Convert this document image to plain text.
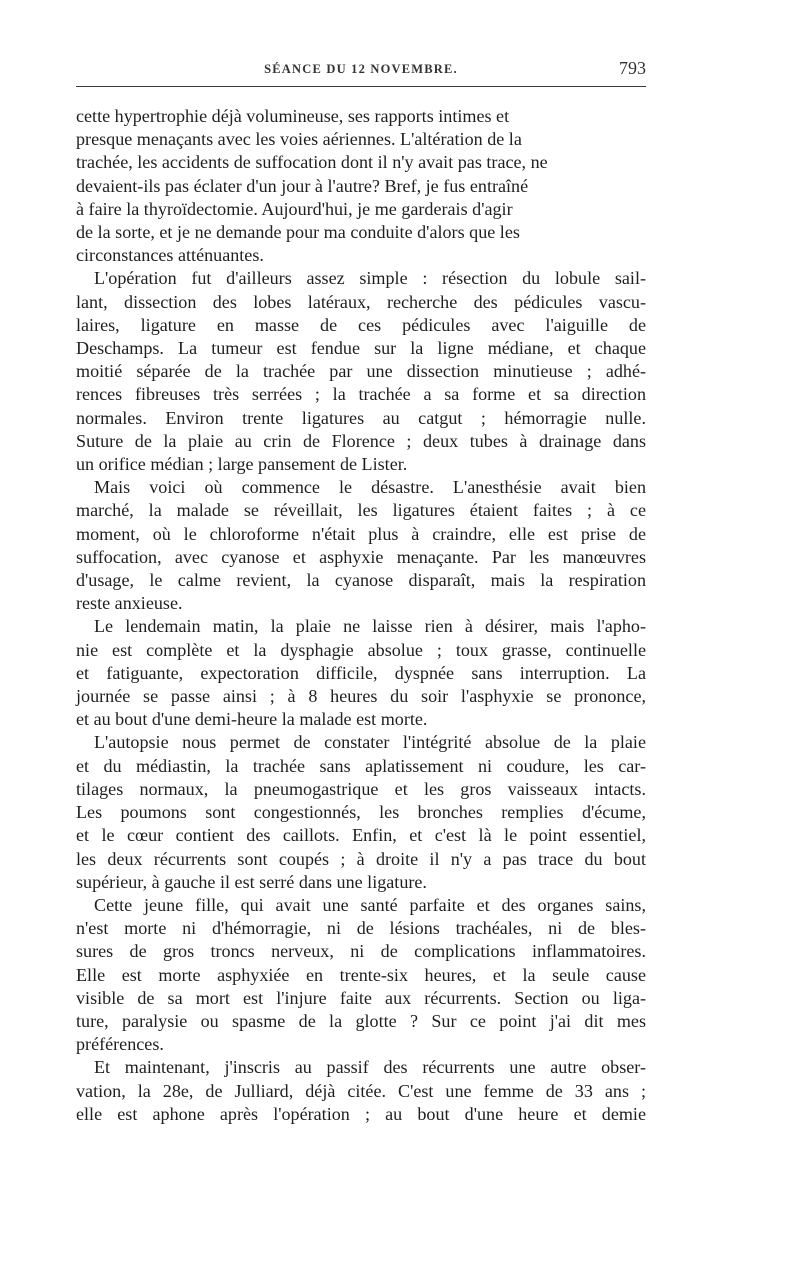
SÉANCE DU 12 NOVEMBRE.	793

cette hypertrophie déjà volumineuse, ses rapports intimes et
presque menaçants avec les voies aériennes. L'altération de la
trachée, les accidents de suffocation dont il n'y avait pas trace, ne
devaient-ils pas éclater d'un jour à l'autre? Bref, je fus entraîné
à faire la thyroïdectomie. Aujourd'hui, je me garderais d'agir
de la sorte, et je ne demande pour ma conduite d'alors que les
circonstances atténuantes.

L'opération fut d'ailleurs assez simple : résection du lobule sail-
lant, dissection des lobes latéraux, recherche des pédicules vascu-
laires, ligature en masse de ces pédicules avec l'aiguille de
Deschamps. La tumeur est fendue sur la ligne médiane, et chaque
moitié séparée de la trachée par une dissection minutieuse ; adhé-
rences fibreuses très serrées ; la trachée a sa forme et sa direction
normales. Environ trente ligatures au catgut ; hémorragie nulle.
Suture de la plaie au crin de Florence ; deux tubes à drainage dans
un orifice médian ; large pansement de Lister.

Mais voici où commence le désastre. L'anesthésie avait bien
marché, la malade se réveillait, les ligatures étaient faites ; à ce
moment, où le chloroforme n'était plus à craindre, elle est prise de
suffocation, avec cyanose et asphyxie menaçante. Par les manœuvres
d'usage, le calme revient, la cyanose disparaît, mais la respiration
reste anxieuse.

Le lendemain matin, la plaie ne laisse rien à désirer, mais l'apho-
nie est complète et la dysphagie absolue ; toux grasse, continuelle
et fatiguante, expectoration difficile, dyspnée sans interruption. La
journée se passe ainsi ; à 8 heures du soir l'asphyxie se prononce,
et au bout d'une demi-heure la malade est morte.

L'autopsie nous permet de constater l'intégrité absolue de la plaie
et du médiastin, la trachée sans aplatissement ni coudure, les car-
tilages normaux, la pneumogastrique et les gros vaisseaux intacts.
Les poumons sont congestionnés, les bronches remplies d'écume,
et le cœur contient des caillots. Enfin, et c'est là le point essentiel,
les deux récurrents sont coupés ; à droite il n'y a pas trace du bout
supérieur, à gauche il est serré dans une ligature.

Cette jeune fille, qui avait une santé parfaite et des organes sains,
n'est morte ni d'hémorragie, ni de lésions trachéales, ni de bles-
sures de gros troncs nerveux, ni de complications inflammatoires.
Elle est morte asphyxiée en trente-six heures, et la seule cause
visible de sa mort est l'injure faite aux récurrents. Section ou liga-
ture, paralysie ou spasme de la glotte ? Sur ce point j'ai dit mes
préférences.

Et maintenant, j'inscris au passif des récurrents une autre obser-
vation, la 28e, de Julliard, déjà citée. C'est une femme de 33 ans ;
elle est aphone après l'opération ; au bout d'une heure et demie
